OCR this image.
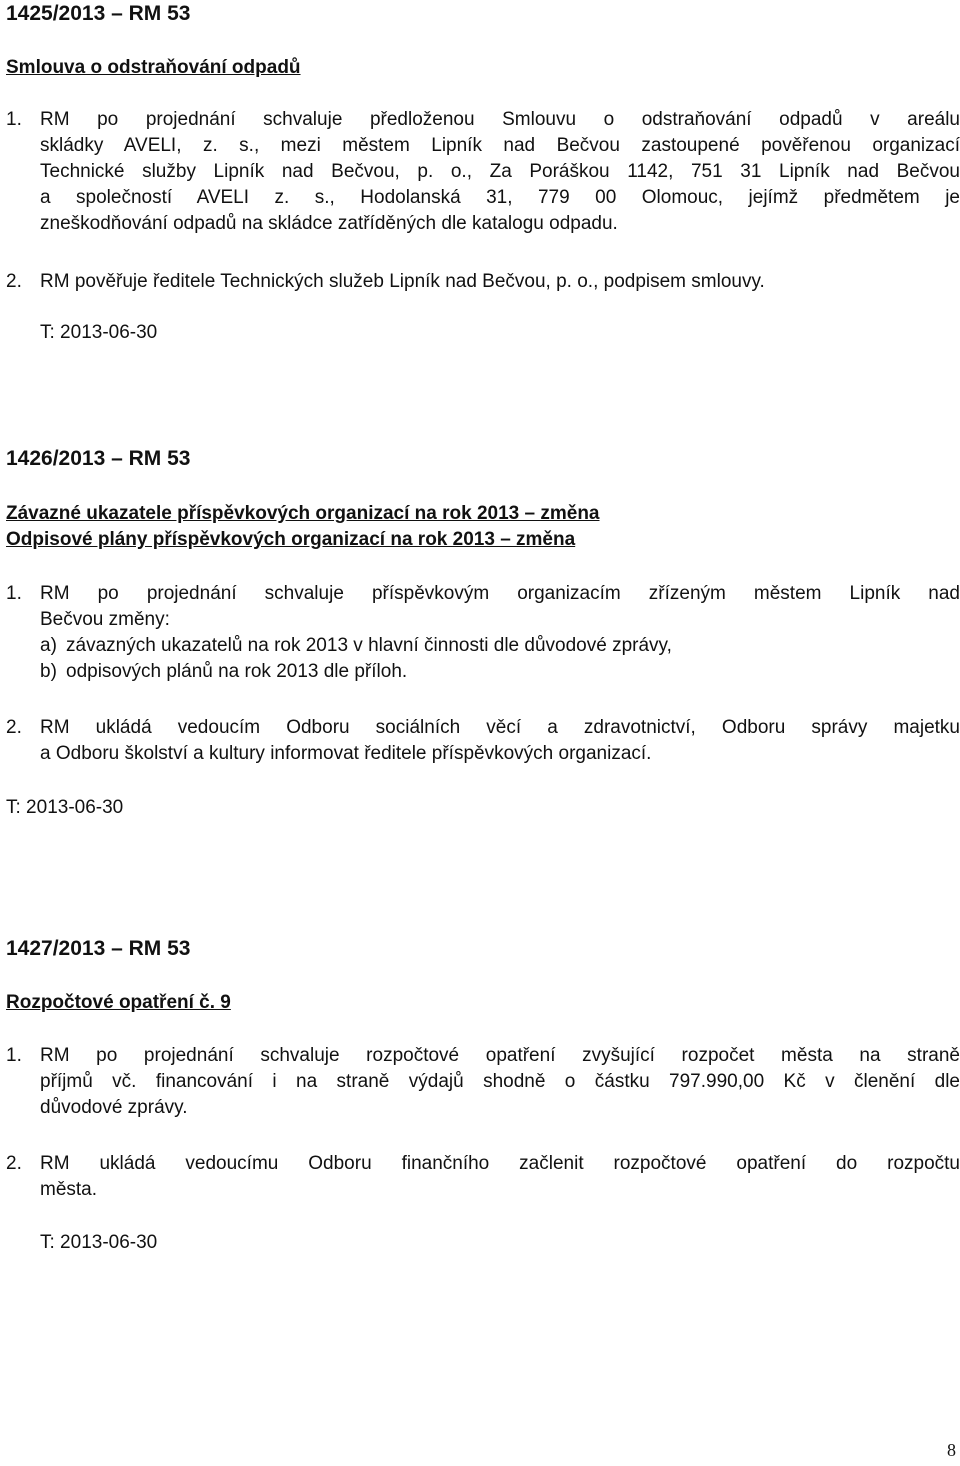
1425/2013 – RM 53
Smlouva o odstraňování odpadů
1. RM po projednání schvaluje předloženou Smlouvu o odstraňování odpadů v areálu
skládky AVELI, z. s., mezi městem Lipník nad Bečvou zastoupené pověřenou organizací
Technické služby Lipník nad Bečvou, p. o., Za Poráškou 1142, 751 31 Lipník nad Bečvou
a společností AVELI z. s., Hodolanská 31, 779 00 Olomouc, jejímž předmětem je
zneškodňování odpadů na skládce zatříděných dle katalogu odpadu.
2. RM pověřuje ředitele Technických služeb Lipník nad Bečvou, p. o., podpisem smlouvy.
T: 2013-06-30
1426/2013 – RM 53
Závazné ukazatele příspěvkových organizací na rok 2013 – změna
Odpisové plány příspěvkových organizací na rok 2013 – změna
1. RM po projednání schvaluje příspěvkovým organizacím zřízeným městem Lipník nad
Bečvou změny:
a) závazných ukazatelů na rok 2013 v hlavní činnosti dle důvodové zprávy,
b) odpisových plánů na rok 2013 dle příloh.
2. RM ukládá vedoucím Odboru sociálních věcí a zdravotnictví, Odboru správy majetku
a Odboru školství a kultury informovat ředitele příspěvkových organizací.
T: 2013-06-30
1427/2013 – RM 53
Rozpočtové opatření č. 9
1. RM po projednání schvaluje rozpočtové opatření zvyšující rozpočet města na straně
příjmů vč. financování i na straně výdajů shodně o částku 797.990,00 Kč v členění dle
důvodové zprávy.
2. RM ukládá vedoucímu Odboru finančního začlenit rozpočtové opatření do rozpočtu
města.
T: 2013-06-30
8
